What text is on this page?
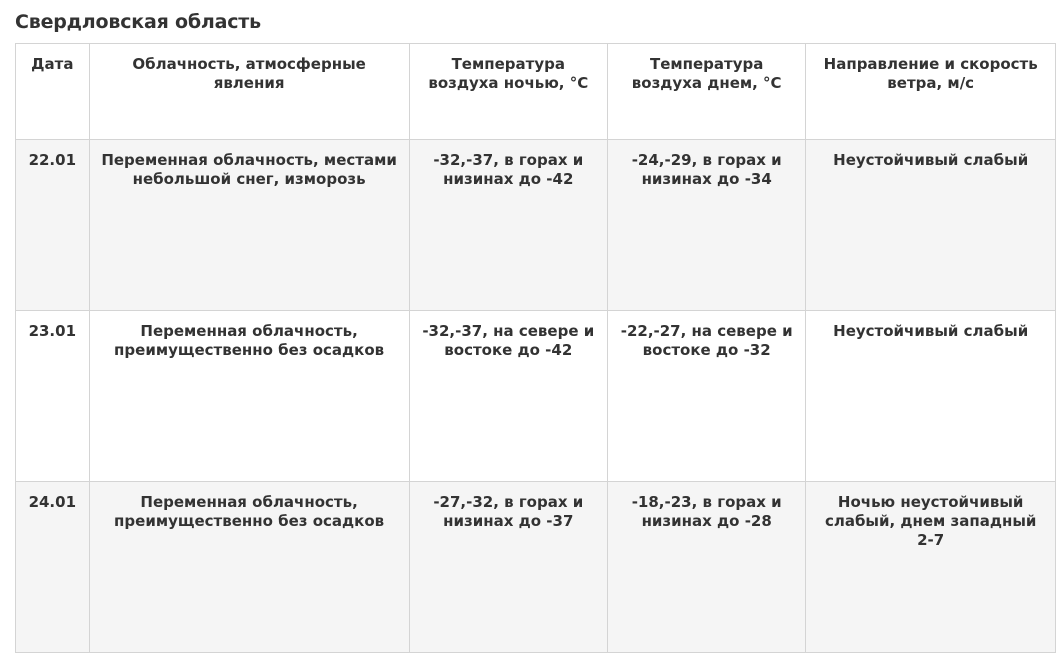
Свердловская область
Дата	Облачность, атмосферные явления	Температура воздуха ночью, °С	Температура воздуха днем, °С	Направление и скорость ветра, м/с
22.01	Переменная облачность, местами небольшой снег, изморозь	-32,-37, в горах и низинах до -42	-24,-29, в горах и низинах до -34	Неустойчивый слабый
23.01	Переменная облачность, преимущественно без осадков	-32,-37, на севере и востоке до -42	-22,-27, на севере и востоке до -32	Неустойчивый слабый
24.01	Переменная облачность, преимущественно без осадков	-27,-32, в горах и низинах до -37	-18,-23, в горах и низинах до -28	Ночью неустойчивый слабый, днем западный 2-7
